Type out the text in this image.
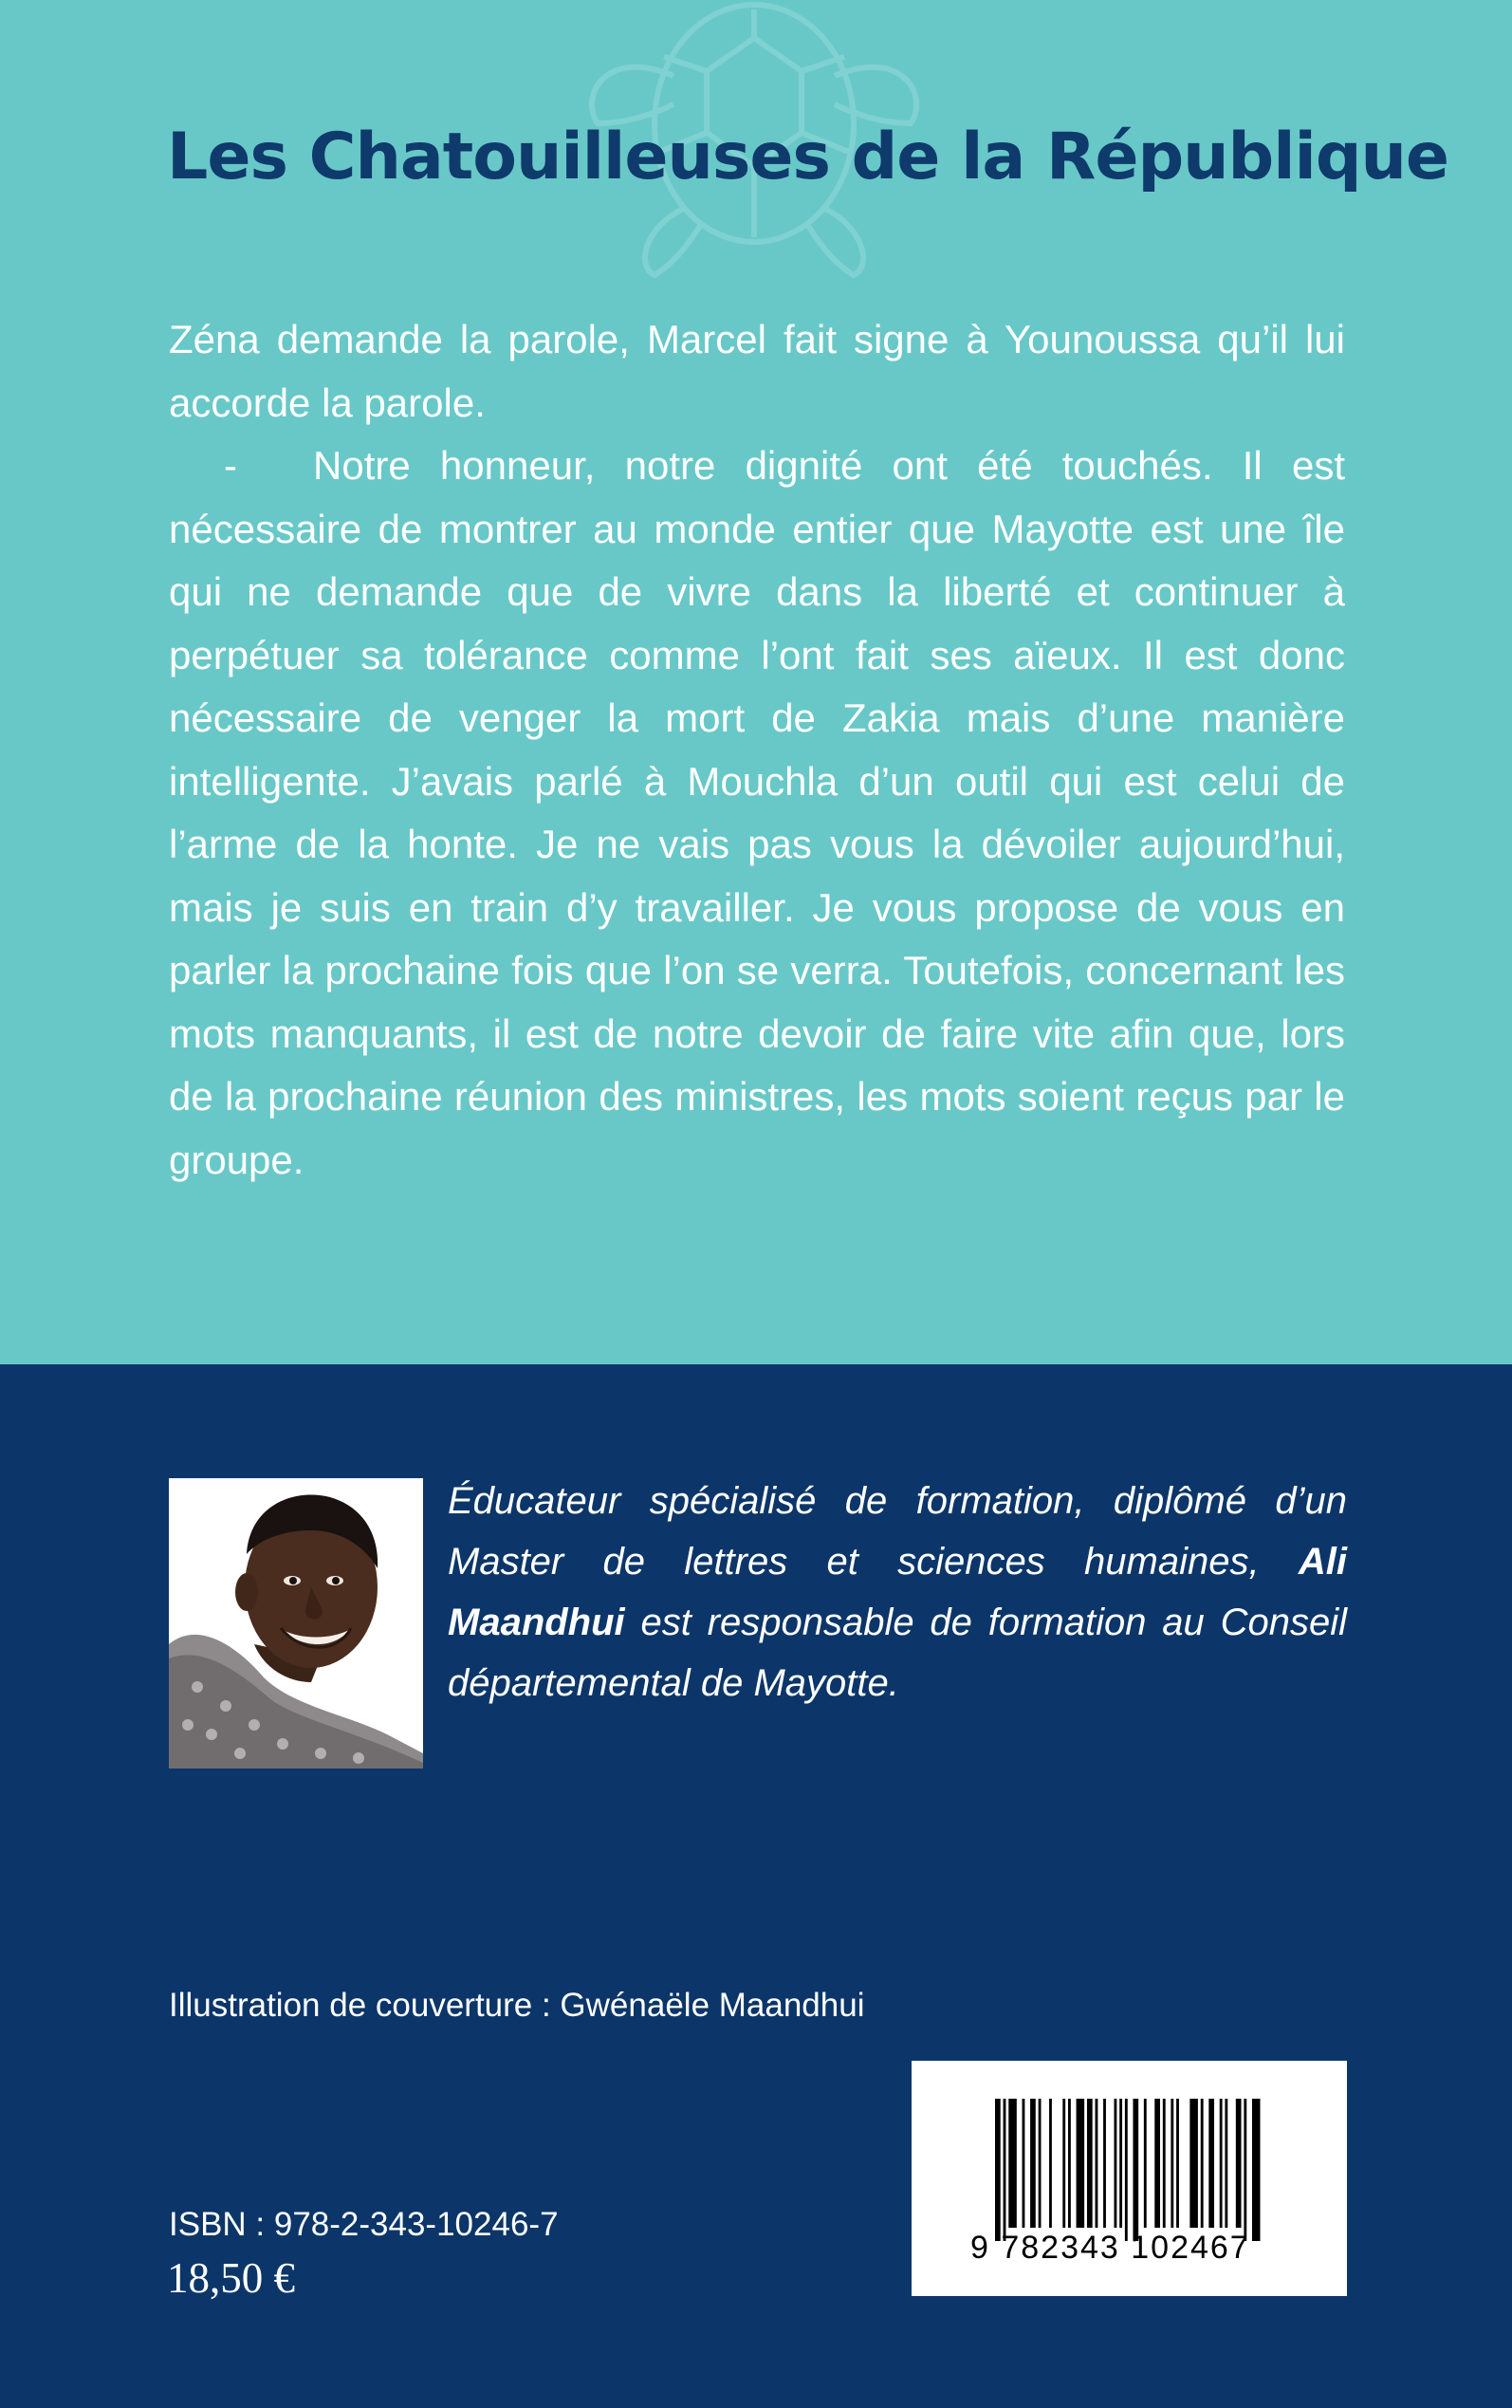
Les Chatouilleuses de la République

Zéna demande la parole, Marcel fait signe à Younoussa qu’il lui accorde la parole.

- Notre honneur, notre dignité ont été touchés. Il est nécessaire de montrer au monde entier que Mayotte est une île qui ne demande que de vivre dans la liberté et continuer à perpétuer sa tolérance comme l’ont fait ses aïeux. Il est donc nécessaire de venger la mort de Zakia mais d’une manière intelligente. J’avais parlé à Mouchla d’un outil qui est celui de l’arme de la honte. Je ne vais pas vous la dévoiler aujourd’hui, mais je suis en train d’y travailler. Je vous propose de vous en parler la prochaine fois que l’on se verra. Toutefois, concernant les mots manquants, il est de notre devoir de faire vite afin que, lors de la prochaine réunion des ministres, les mots soient reçus par le groupe.

Éducateur spécialisé de formation, diplômé d’un Master de lettres et sciences humaines, Ali Maandhui est responsable de formation au Conseil départemental de Mayotte.

Illustration de couverture : Gwénaële Maandhui
ISBN : 978-2-343-10246-7
18,50 €
9 782343 102467
